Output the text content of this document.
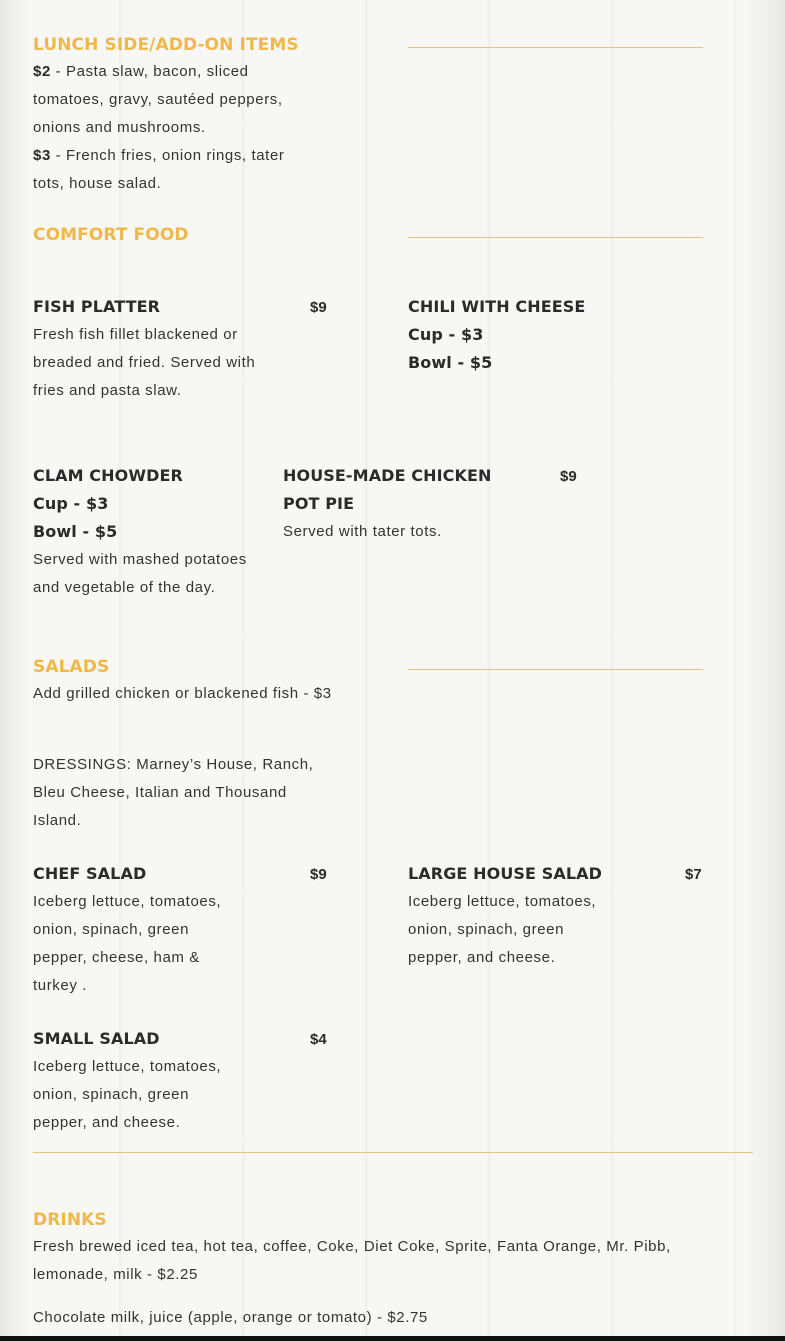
LUNCH SIDE/ADD-ON ITEMS

$2 - Pasta slaw, bacon, sliced tomatoes, gravy, sautéed peppers, onions and mushrooms.

$3 - French fries, onion rings, tater tots, house salad.

COMFORT FOOD
FISH PLATTER	$9

Fresh fish fillet blackened or breaded and fried. Served with fries and pasta slaw.

CHILI WITH CHEESE
Cup - $3
Bowl - $5
CLAM CHOWDER
Cup - $3
Bowl - $5

Served with mashed potatoes and vegetable of the day.

HOUSE-MADE CHICKEN
POT PIE
$9

Served with tater tots.

SALADS

Add grilled chicken or blackened fish - $3

DRESSINGS: Marney’s House, Ranch, Bleu Cheese, Italian and Thousand Island.

CHEF SALAD	$9

Iceberg lettuce, tomatoes, onion, spinach, green pepper, cheese, ham & turkey .

LARGE HOUSE SALAD	$7

Iceberg lettuce, tomatoes, onion, spinach, green pepper, and cheese.

SMALL SALAD	$4

Iceberg lettuce, tomatoes, onion, spinach, green pepper, and cheese.

DRINKS

Fresh brewed iced tea, hot tea, coffee, Coke, Diet Coke, Sprite, Fanta Orange, Mr. Pibb, lemonade, milk - $2.25

Chocolate milk, juice (apple, orange or tomato) - $2.75
